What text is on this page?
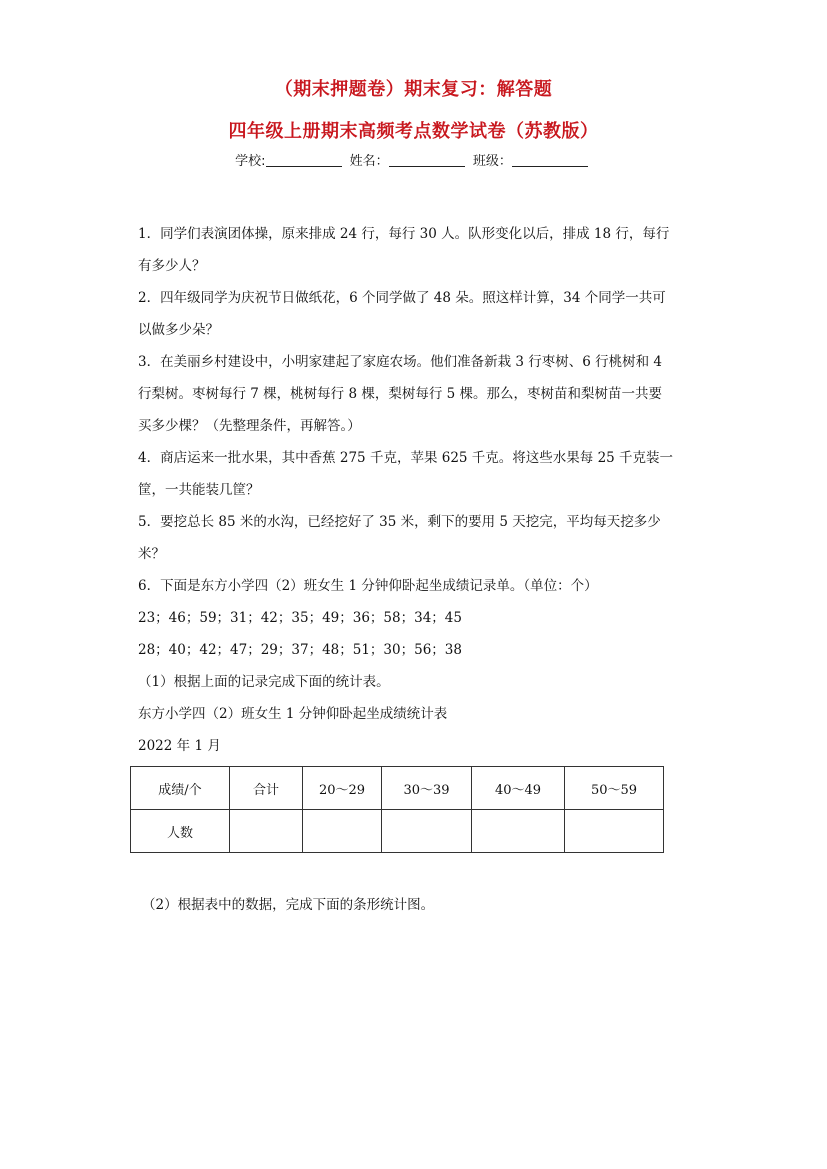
（期末押题卷）期末复习：解答题
四年级上册期末高频考点数学试卷（苏教版）
学校:	姓名：	班级：

1．同学们表演团体操，原来排成 24 行，每行 30 人。队形变化以后，排成 18 行，每行

有多少人？

2．四年级同学为庆祝节日做纸花，6 个同学做了 48 朵。照这样计算，34 个同学一共可

以做多少朵？

3．在美丽乡村建设中，小明家建起了家庭农场。他们准备新栽 3 行枣树、6 行桃树和 4

行梨树。枣树每行 7 棵，桃树每行 8 棵，梨树每行 5 棵。那么，枣树苗和梨树苗一共要

买多少棵？（先整理条件，再解答。）

4．商店运来一批水果，其中香蕉 275 千克，苹果 625 千克。将这些水果每 25 千克装一

筐，一共能装几筐？

5．要挖总长 85 米的水沟，已经挖好了 35 米，剩下的要用 5 天挖完，平均每天挖多少

米？

6．下面是东方小学四（2）班女生 1 分钟仰卧起坐成绩记录单。（单位：个）

23；46；59；31；42；35；49；36；58；34；45

28；40；42；47；29；37；48；51；30；56；38

（1）根据上面的记录完成下面的统计表。

东方小学四（2）班女生 1 分钟仰卧起坐成绩统计表

2022 年 1 月

成绩/个	合计	20～29	30～39	40～49	50～59
人数					

（2）根据表中的数据，完成下面的条形统计图。
